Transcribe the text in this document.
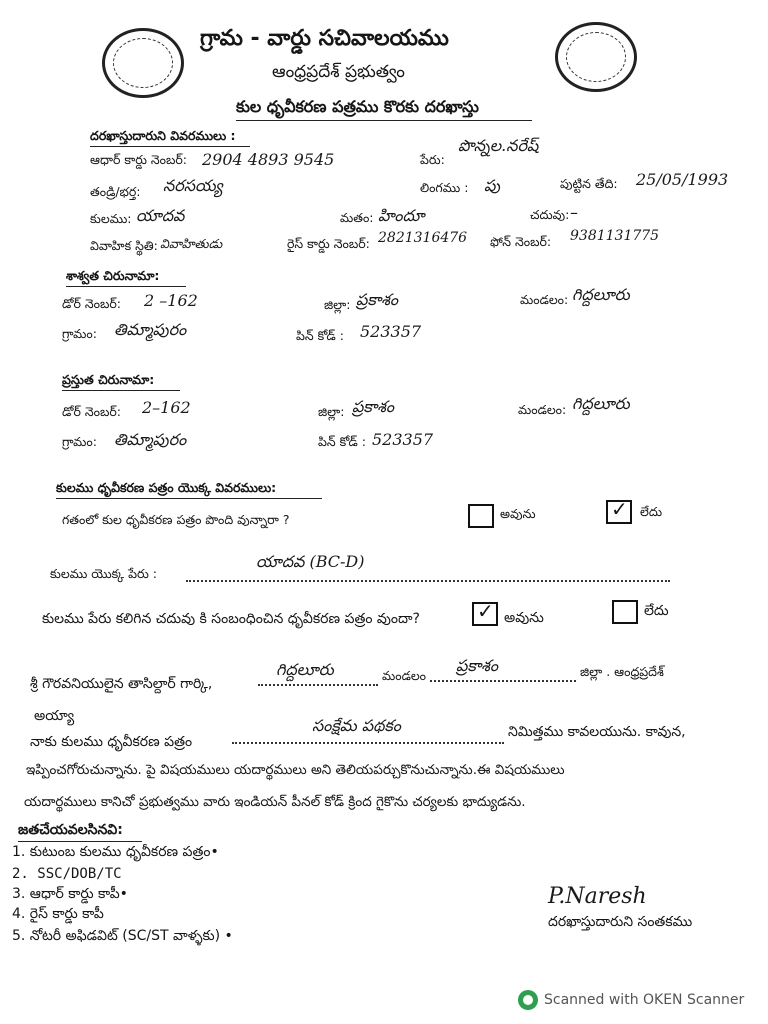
గ్రామ - వార్డు సచివాలయము
ఆంధ్రప్రదేశ్ ప్రభుత్వం
కుల ధృవీకరణ పత్రము కొరకు దరఖాస్తు
దరఖాస్తుదారుని వివరములు :
ఆధార్ కార్డు నెంబర్: 2904 4893 9545	పేరు:
పొన్నల.నరేష్
తండ్రి/భర్త: నరసయ్య	లింగము : పు	పుట్టిన తేది: 25/05/1993
కులము: యాదవ	మతం: హిందూ	చదువు: –
వివాహిక స్థితి: వివాహితుడు	రైస్ కార్డు నెంబర్: 2821316476 ఫోన్ నెంబర్: 9381131775
శాశ్వత చిరునామా:
డోర్ నెంబర్: 2 –162	జిల్లా: ప్రకాశం	మండలం: గిద్దలూరు
గ్రామం: తిమ్మాపురం	పిన్ కోడ్ : 523357
ప్రస్తుత చిరునామా:
డోర్ నెంబర్: 2–162	జిల్లా: ప్రకాశం	మండలం: గిద్దలూరు
గ్రామం: తిమ్మాపురం	పిన్ కోడ్ : 523357
కులము ధృవీకరణ పత్రం యొక్క వివరములు:
గతంలో కుల ధృవీకరణ పత్రం పొంది వున్నారా ?	అవును	✓ లేదు
కులము యొక్క పేరు :
యాదవ (BC-D)
కులము పేరు కలిగిన చదువు కి సంబంధించిన ధృవీకరణ పత్రం వుందా?	✓ అవును	లేదు
శ్రీ గౌరవనియులైన తాసిల్దార్ గార్కి,
గిద్దలూరు	మండలం
ప్రకాశం	జిల్లా . ఆంధ్రప్రదేశ్
అయ్యా
నాకు కులము ధృవీకరణ పత్రం
సంక్షేమ పథకం	నిమిత్తము కావలయును. కావున,
ఇప్పించగోరుచున్నాను. పై విషయములు యదార్థములు అని తెలియపర్చుకొనుచున్నాను.ఈ విషయములు
యదార్థములు కానిచో ప్రభుత్వము వారు ఇండియన్ పీనల్ కోడ్ క్రింద గైకొను చర్యలకు భాద్యుడను.
జతచేయవలసినవి:
1. కుటుంబ కులము ధృవీకరణ పత్రం•
2. SSC/DOB/TC
3. ఆధార్ కార్డు కాపీ•
4. రైస్ కార్డు కాపీ
5. నోటరీ అఫిడవిట్ (SC/ST వాళ్ళకు) •
P.Naresh
దరఖాస్తుదారుని సంతకము
Scanned with OKEN Scanner
